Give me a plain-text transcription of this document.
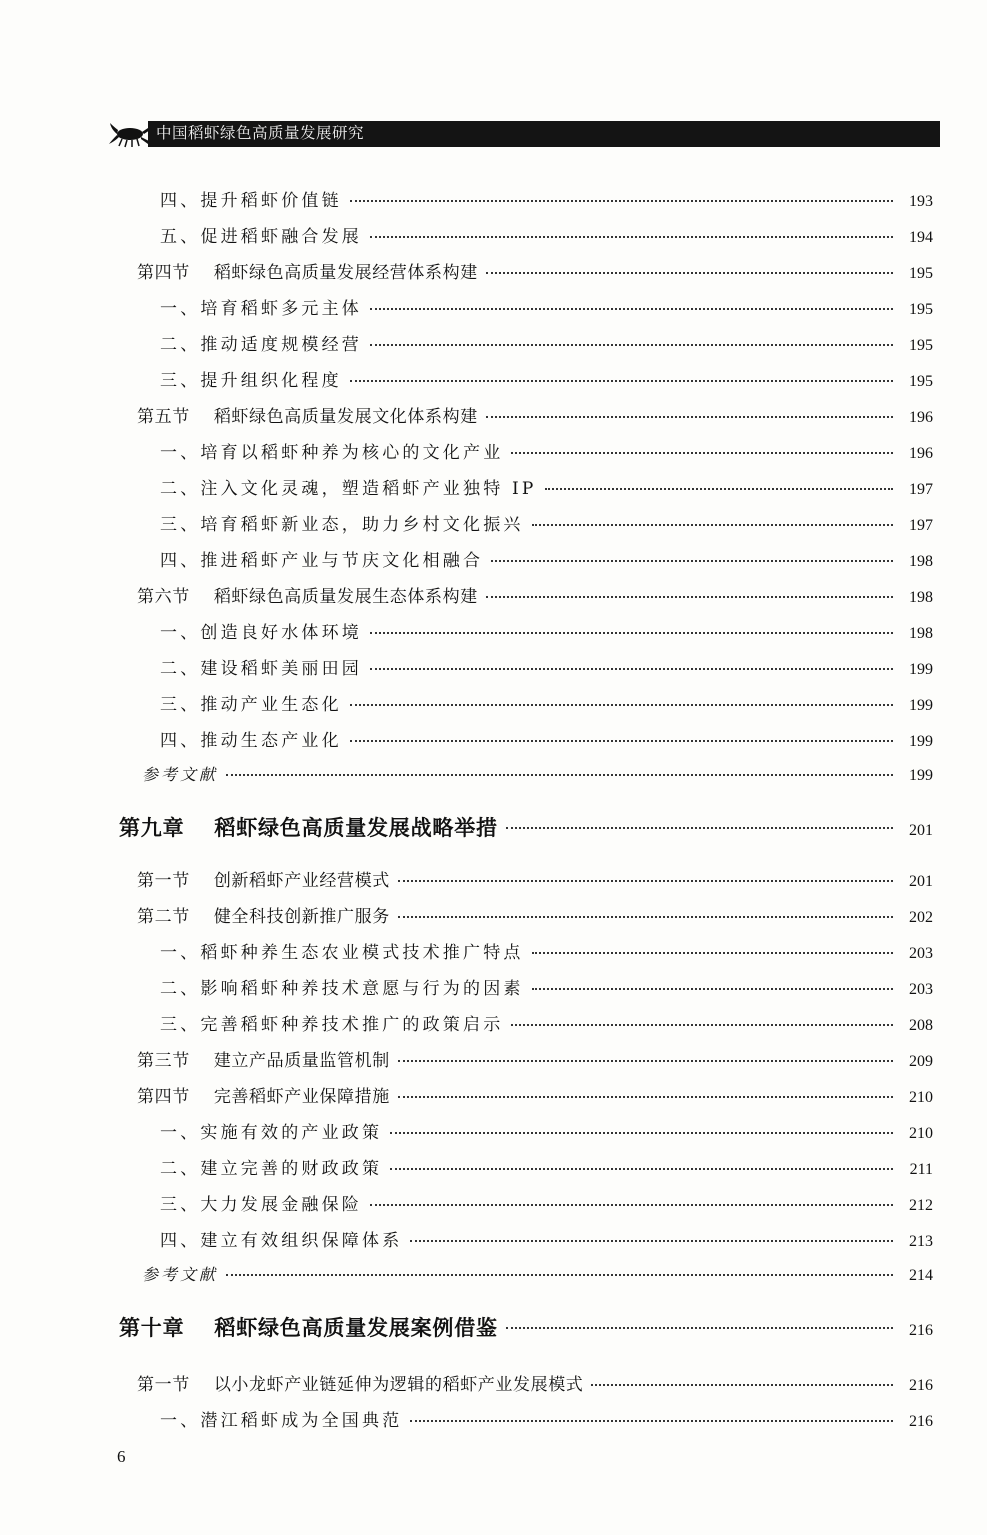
中国稻虾绿色高质量发展研究
四、提升稻虾价值链	193
五、促进稻虾融合发展	194
第四节 稻虾绿色高质量发展经营体系构建	195
一、培育稻虾多元主体	195
二、推动适度规模经营	195
三、提升组织化程度	195
第五节 稻虾绿色高质量发展文化体系构建	196
一、培育以稻虾种养为核心的文化产业	196
二、注入文化灵魂，塑造稻虾产业独特 IP	197
三、培育稻虾新业态，助力乡村文化振兴	197
四、推进稻虾产业与节庆文化相融合	198
第六节 稻虾绿色高质量发展生态体系构建	198
一、创造良好水体环境	198
二、建设稻虾美丽田园	199
三、推动产业生态化	199
四、推动生态产业化	199
参考文献	199
第九章 稻虾绿色高质量发展战略举措	201
第一节 创新稻虾产业经营模式	201
第二节 健全科技创新推广服务	202
一、稻虾种养生态农业模式技术推广特点	203
二、影响稻虾种养技术意愿与行为的因素	203
三、完善稻虾种养技术推广的政策启示	208
第三节 建立产品质量监管机制	209
第四节 完善稻虾产业保障措施	210
一、实施有效的产业政策	210
二、建立完善的财政政策	211
三、大力发展金融保险	212
四、建立有效组织保障体系	213
参考文献	214
第十章 稻虾绿色高质量发展案例借鉴	216
第一节 以小龙虾产业链延伸为逻辑的稻虾产业发展模式	216
一、潜江稻虾成为全国典范	216
6
